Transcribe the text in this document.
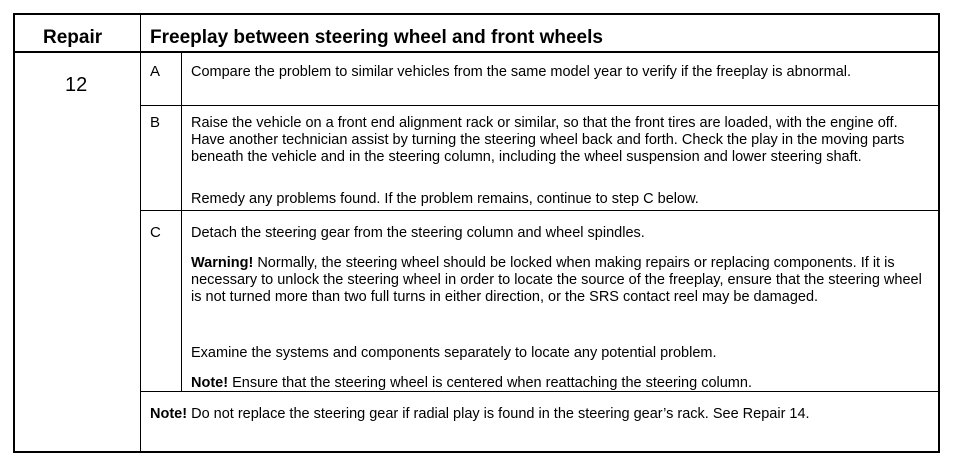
Repair	Freeplay between steering wheel and front wheels
12
A Compare the problem to similar vehicles from the same model year to verify if the freeplay is abnormal.
B Raise the vehicle on a front end alignment rack or similar, so that the front tires are loaded, with the engine off. Have another technician assist by turning the steering wheel back and forth. Check the play in the moving parts beneath the vehicle and in the steering column, including the wheel suspension and lower steering shaft.
Remedy any problems found. If the problem remains, continue to step C below.
C Detach the steering gear from the steering column and wheel spindles.
Warning! Normally, the steering wheel should be locked when making repairs or replacing components. If it is necessary to unlock the steering wheel in order to locate the source of the freeplay, ensure that the steering wheel is not turned more than two full turns in either direction, or the SRS contact reel may be damaged.
Examine the systems and components separately to locate any potential problem.
Note! Ensure that the steering wheel is centered when reattaching the steering column.
Note! Do not replace the steering gear if radial play is found in the steering gear’s rack. See Repair 14.
